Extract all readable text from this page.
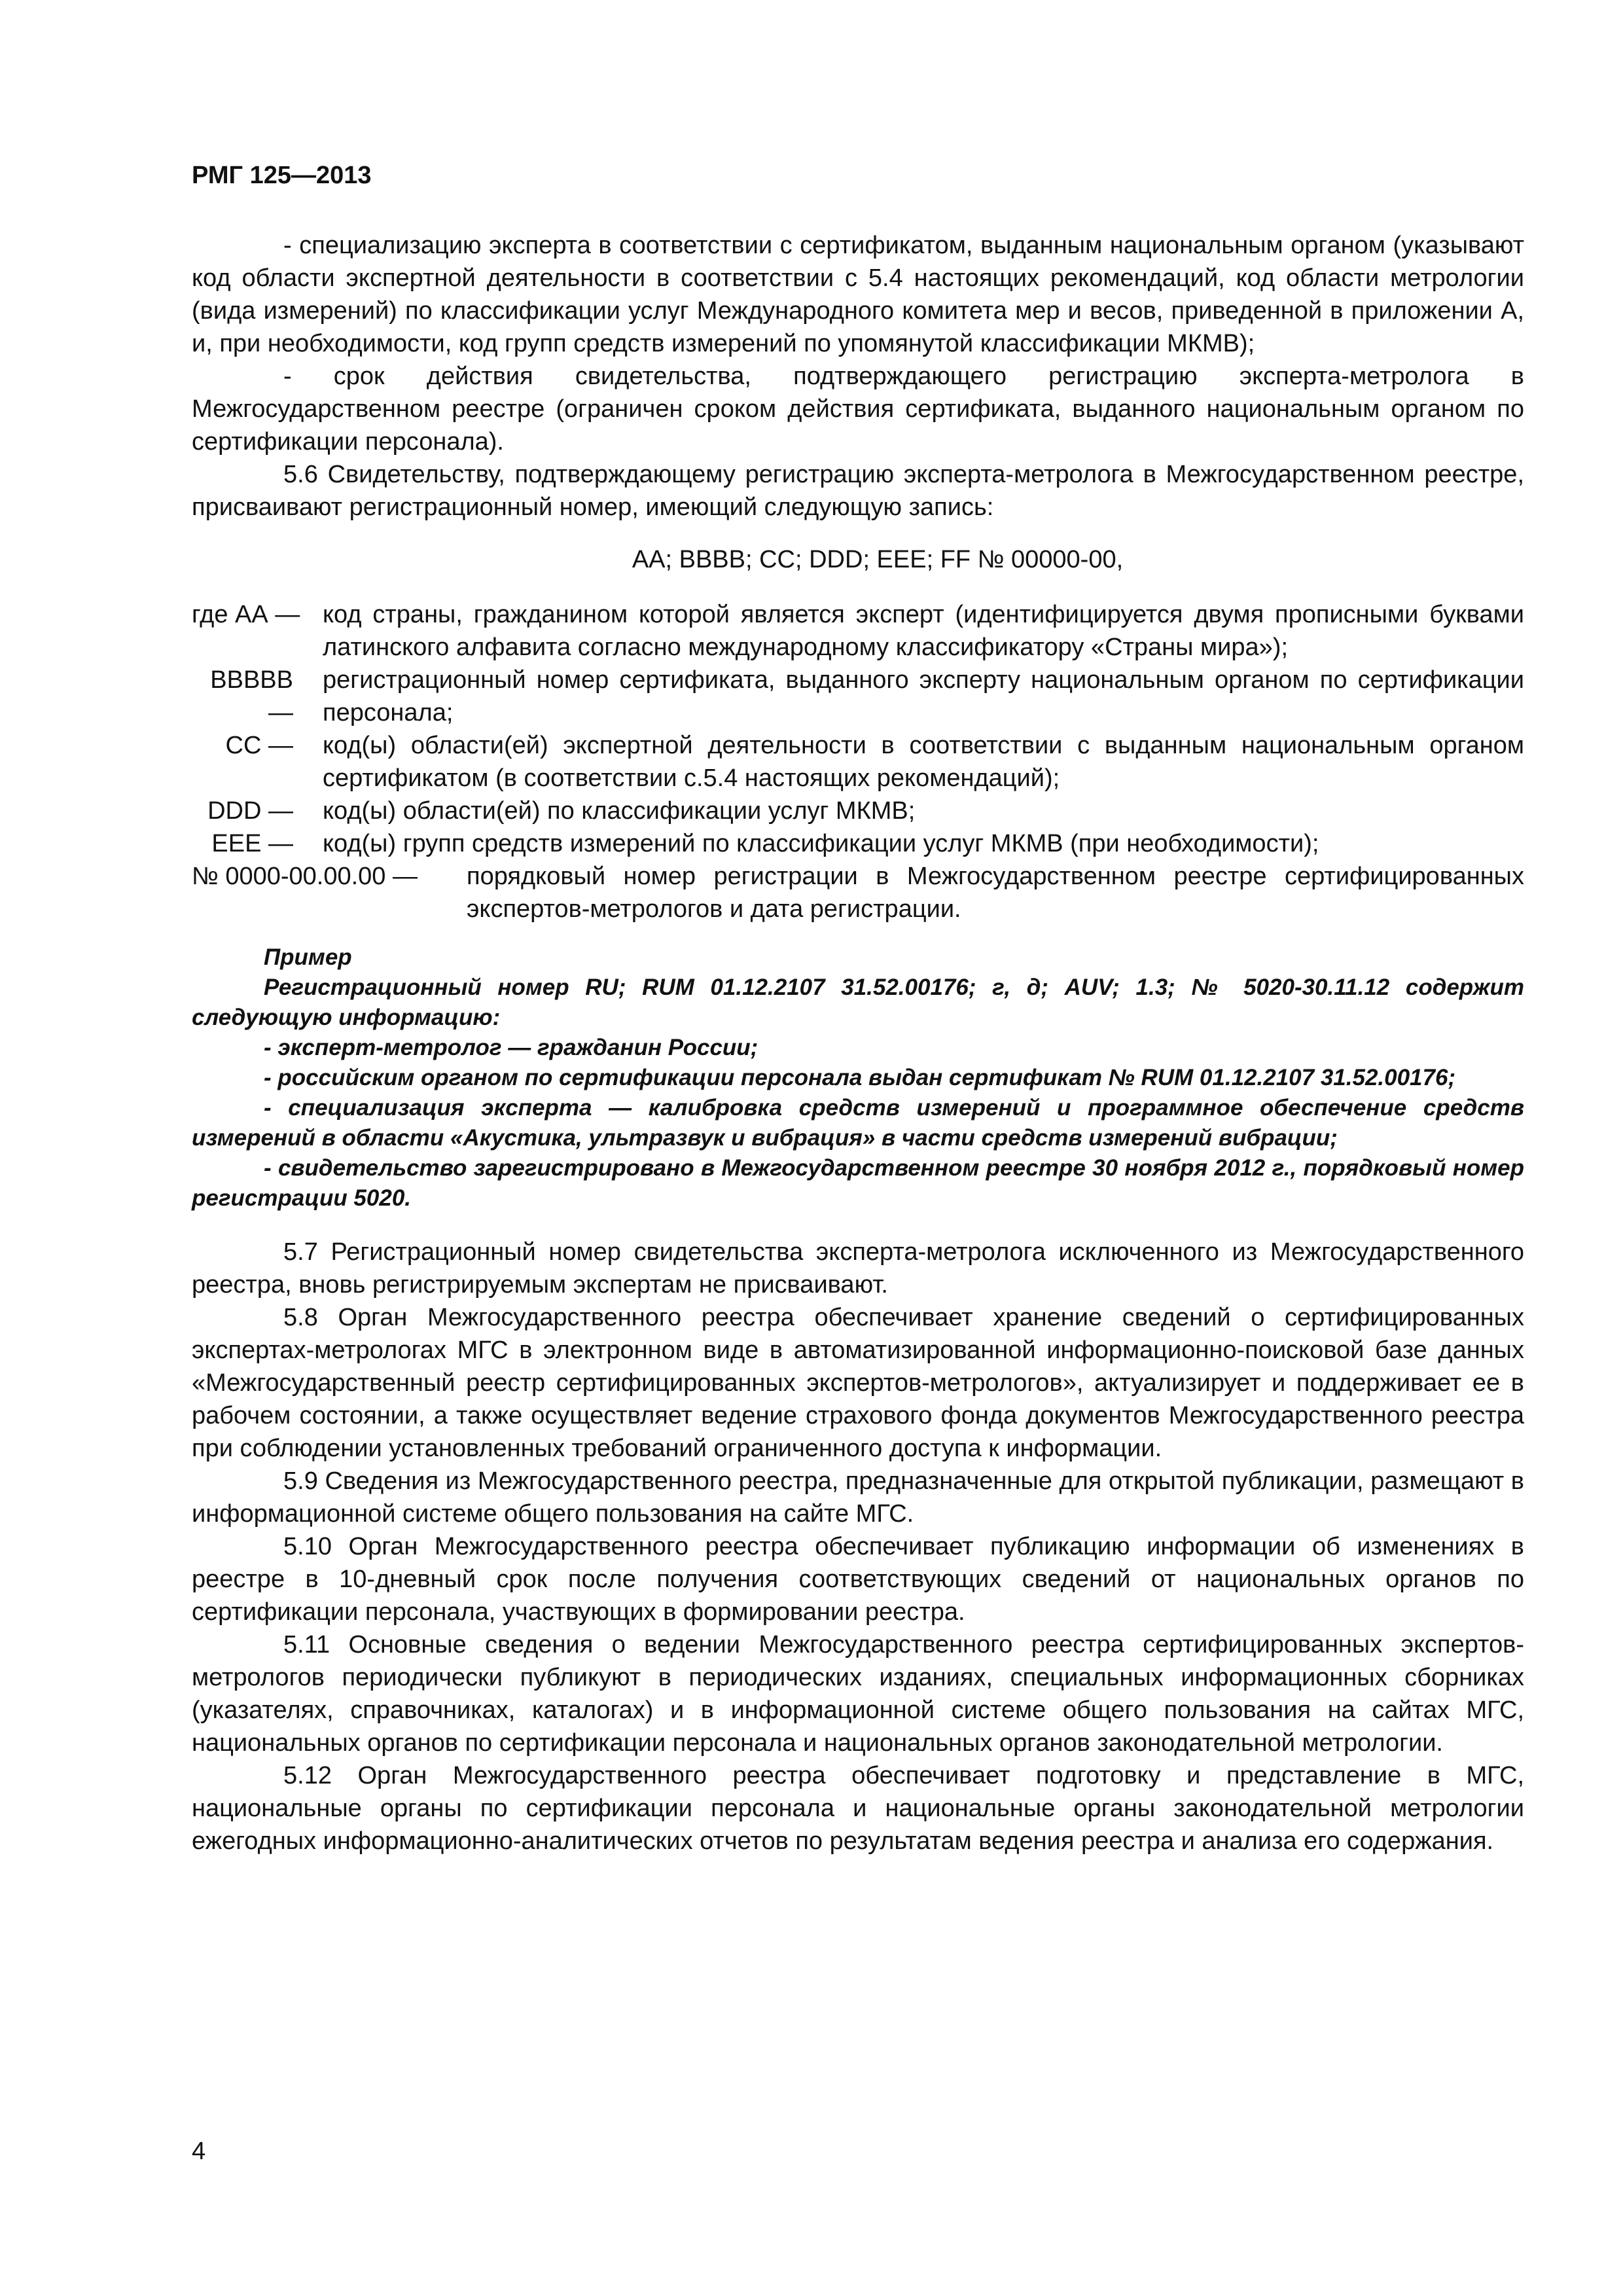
РМГ 125—2013

- специализацию эксперта в соответствии с сертификатом, выданным национальным органом (указывают код области экспертной деятельности в соответствии с 5.4 настоящих рекомендаций, код области метрологии (вида измерений) по классификации услуг Международного комитета мер и весов, приведенной в приложении А, и, при необходимости, код групп средств измерений по упомянутой классификации МКМВ);

- срок действия свидетельства, подтверждающего регистрацию эксперта-метролога в Межгосударственном реестре (ограничен сроком действия сертификата, выданного национальным органом по сертификации персонала).

5.6 Свидетельству, подтверждающему регистрацию эксперта-метролога в Межгосударственном реестре, присваивают регистрационный номер, имеющий следующую запись:

АА; ВВВВ; СС; DDD; ЕЕЕ; FF № 00000-00,
где АА — код страны, гражданином которой является эксперт (идентифицируется двумя прописными буквами латинского алфавита согласно международному классификатору «Страны мира»);
ВВВВВ —
регистрационный номер сертификата, выданного эксперту национальным органом по сертификации персонала;
СС — код(ы) области(ей) экспертной деятельности в соответствии с выданным национальным органом сертификатом (в соответствии с.5.4 настоящих рекомендаций);
DDD — код(ы) области(ей) по классификации услуг МКМВ;
ЕЕЕ — код(ы) групп средств измерений по классификации услуг МКМВ (при необходимости);
№ 0000-00.00.00 — порядковый номер регистрации в Межгосударственном реестре сертифицированных экспертов-метрологов и дата регистрации.

Пример

Регистрационный номер RU; RUM 01.12.2107 31.52.00176; г, д; AUV; 1.3; № 5020-30.11.12 содержит следующую информацию:

- эксперт-метролог — гражданин России;

- российским органом по сертификации персонала выдан сертификат № RUM 01.12.2107 31.52.00176;

- специализация эксперта — калибровка средств измерений и программное обеспечение средств измерений в области «Акустика, ультразвук и вибрация» в части средств измерений вибрации;

- свидетельство зарегистрировано в Межгосударственном реестре 30 ноября 2012 г., порядковый номер регистрации 5020.

5.7 Регистрационный номер свидетельства эксперта-метролога исключенного из Межгосударственного реестра, вновь регистрируемым экспертам не присваивают.

5.8 Орган Межгосударственного реестра обеспечивает хранение сведений о сертифицированных экспертах-метрологах МГС в электронном виде в автоматизированной информационно-поисковой базе данных «Межгосударственный реестр сертифицированных экспертов-метрологов», актуализирует и поддерживает ее в рабочем состоянии, а также осуществляет ведение страхового фонда документов Межгосударственного реестра при соблюдении установленных требований ограниченного доступа к информации.

5.9 Сведения из Межгосударственного реестра, предназначенные для открытой публикации, размещают в информационной системе общего пользования на сайте МГС.

5.10 Орган Межгосударственного реестра обеспечивает публикацию информации об изменениях в реестре в 10-дневный срок после получения соответствующих сведений от национальных органов по сертификации персонала, участвующих в формировании реестра.

5.11 Основные сведения о ведении Межгосударственного реестра сертифицированных экспертов-метрологов периодически публикуют в периодических изданиях, специальных информационных сборниках (указателях, справочниках, каталогах) и в информационной системе общего пользования на сайтах МГС, национальных органов по сертификации персонала и национальных органов законодательной метрологии.

5.12 Орган Межгосударственного реестра обеспечивает подготовку и представление в МГС, национальные органы по сертификации персонала и национальные органы законодательной метрологии ежегодных информационно-аналитических отчетов по результатам ведения реестра и анализа его содержания.

4
